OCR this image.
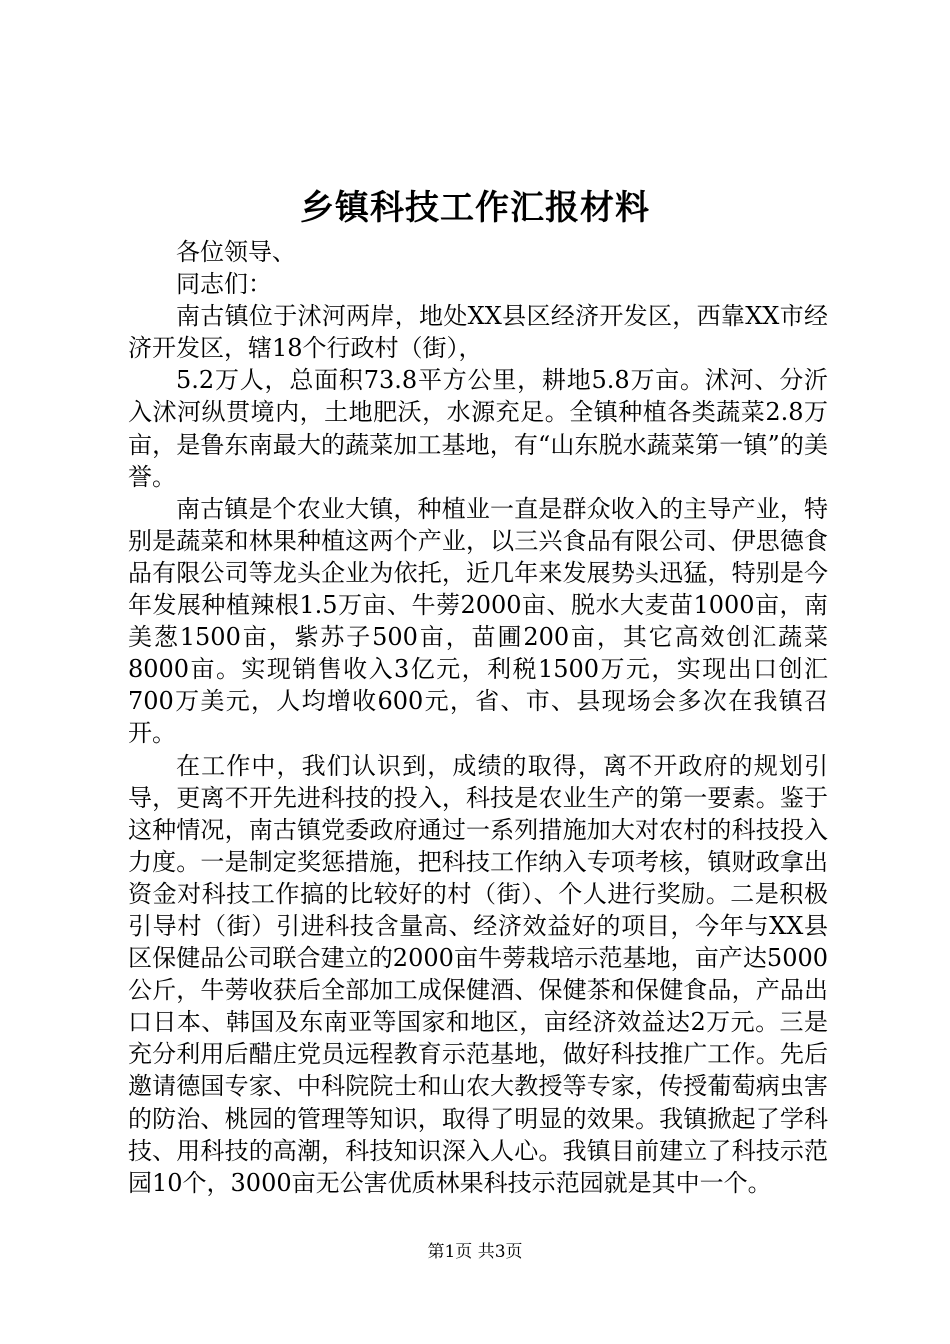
乡镇科技工作汇报材料

各位领导、

同志们：

南古镇位于沭河两岸，地处XX县区经济开发区，西靠XX市经济开发区，辖18个行政村（街），

5.2万人，总面积73.8平方公里，耕地5.8万亩。沭河、分沂入沭河纵贯境内，土地肥沃，水源充足。全镇种植各类蔬菜2.8万亩，是鲁东南最大的蔬菜加工基地，有“山东脱水蔬菜第一镇”的美誉。

南古镇是个农业大镇，种植业一直是群众收入的主导产业，特别是蔬菜和林果种植这两个产业，以三兴食品有限公司、伊思德食品有限公司等龙头企业为依托，近几年来发展势头迅猛，特别是今年发展种植辣根1.5万亩、牛蒡2000亩、脱水大麦苗1000亩，南美葱1500亩，紫苏子500亩，苗圃200亩，其它高效创汇蔬菜8000亩。实现销售收入3亿元，利税1500万元，实现出口创汇700万美元，人均增收600元，省、市、县现场会多次在我镇召开。

在工作中，我们认识到，成绩的取得，离不开政府的规划引导，更离不开先进科技的投入，科技是农业生产的第一要素。鉴于这种情况，南古镇党委政府通过一系列措施加大对农村的科技投入力度。一是制定奖惩措施，把科技工作纳入专项考核，镇财政拿出资金对科技工作搞的比较好的村（街）、个人进行奖励。二是积极引导村（街）引进科技含量高、经济效益好的项目，今年与XX县区保健品公司联合建立的2000亩牛蒡栽培示范基地，亩产达5000公斤，牛蒡收获后全部加工成保健酒、保健茶和保健食品，产品出口日本、韩国及东南亚等国家和地区，亩经济效益达2万元。三是充分利用后醋庄党员远程教育示范基地，做好科技推广工作。先后邀请德国专家、中科院院士和山农大教授等专家，传授葡萄病虫害的防治、桃园的管理等知识，取得了明显的效果。我镇掀起了学科技、用科技的高潮，科技知识深入人心。我镇目前建立了科技示范园10个，3000亩无公害优质林果科技示范园就是其中一个。

第1页 共3页
